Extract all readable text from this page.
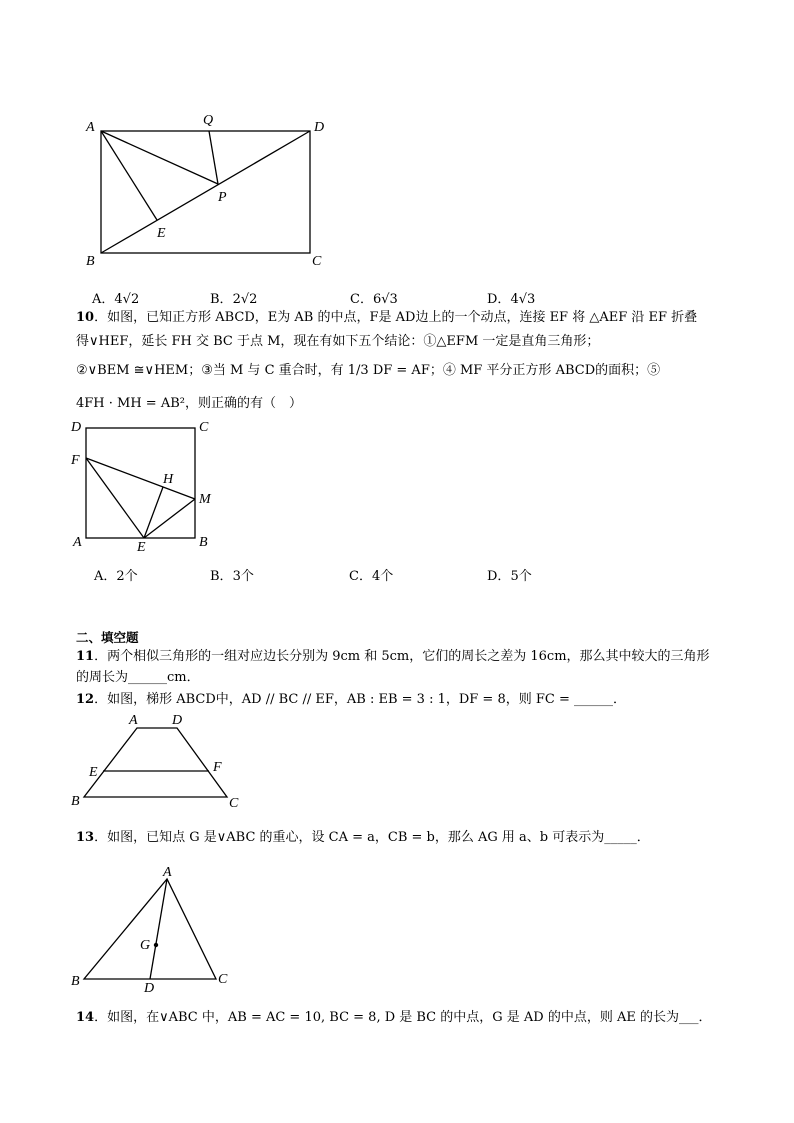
A	Q	D
P
E
B	C
A．4√2	B．2√2	C．6√3	D．4√3
10．如图，已知正方形 ABCD，E为 AB 的中点，F是 AD边上的一个动点，连接 EF 将 △AEF 沿 EF 折叠
得∨HEF，延长 FH 交 BC 于点 M，现在有如下五个结论：①△EFM 一定是直角三角形；
②∨BEM ≅∨HEM；③当 M 与 C 重合时，有 1/3 DF = AF；④ MF 平分正方形 ABCD的面积；⑤
4FH · MH = AB²，则正确的有（　）
D	C
F
H
M
A	E	B
A．2个	B．3个	C．4个	D．5个
二、填空题
11．两个相似三角形的一组对应边长分别为 9cm 和 5cm，它们的周长之差为 16cm，那么其中较大的三角形
的周长为______cm．
12．如图，梯形 ABCD中，AD // BC // EF，AB : EB = 3 : 1，DF = 8，则 FC = ______．
A D
E	F
B	C
13．如图，已知点 G 是∨ABC 的重心，设 CA = a，CB = b，那么 AG 用 a、b 可表示为_____．
A
G
B	D
C
14．如图，在∨ABC 中，AB = AC = 10, BC = 8, D 是 BC 的中点，G 是 AD 的中点，则 AE 的长为___．
